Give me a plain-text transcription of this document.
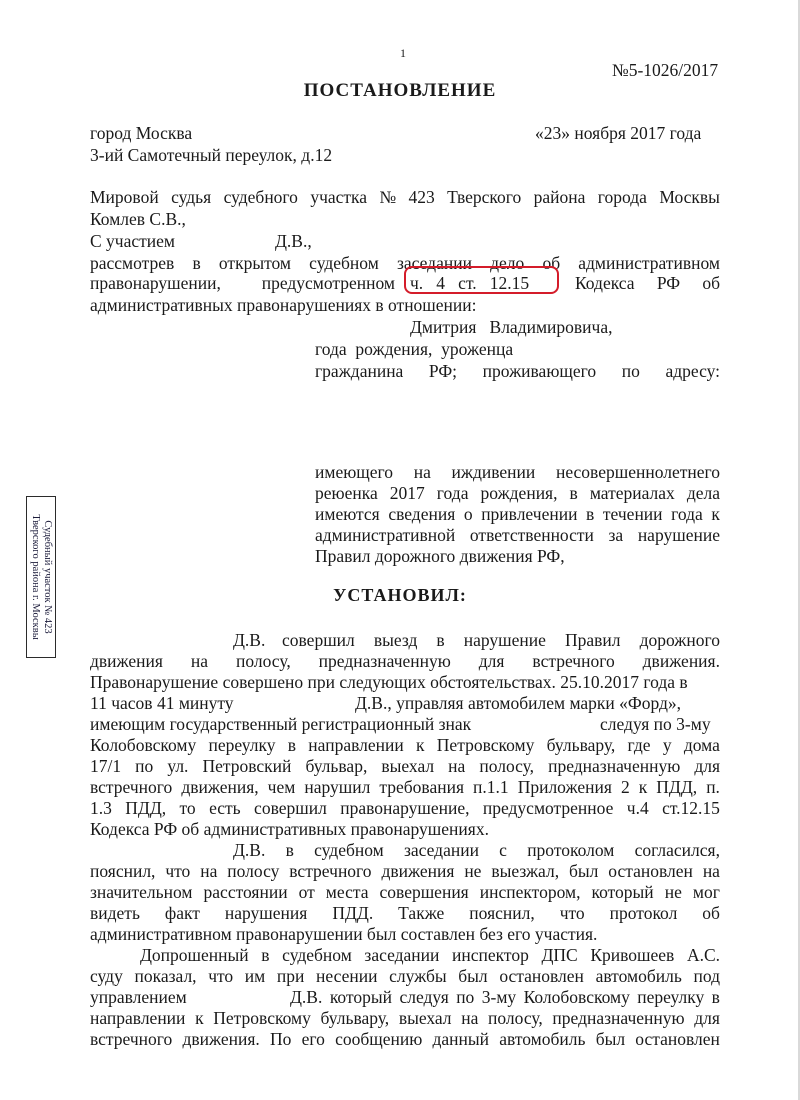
1
№5-1026/2017
ПОСТАНОВЛЕНИЕ
город Москва	«23» ноября 2017 года
3-ий Самотечный переулок, д.12
Мировой судья судебного участка № 423 Тверского района города Москвы
Комлев С.В.,
С участием	Д.В.,
рассмотрев в открытом судебном заседании дело об административном
правонарушении, предусмотренном ч.   4   ст.   12.15	Кодекса РФ об
административных правонарушениях в отношении:
Дмитрия   Владимировича,
года  рождения,  уроженца
гражданина РФ; проживающего по адресу:
имеющего на иждивении несовершеннолетнего
реюенка 2017 года рождения, в материалах дела
имеются сведения о привлечении в течении года к
административной ответственности за нарушение
Правил дорожного движения РФ,
УСТАНОВИЛ:
Судебный участок № 423
Тверского района г. Москвы
Д.В. совершил выезд в нарушение Правил дорожного
движения на полосу, предназначенную для встречного движения.
Правонарушение совершено при следующих обстоятельствах. 25.10.2017 года в
11 часов 41 минуту	Д.В., управляя автомобилем марки «Форд»,
имеющим государственный регистрационный знак	следуя по 3-му
Колобовскому переулку в направлении к Петровскому бульвару, где у дома
17/1 по ул. Петровский бульвар, выехал на полосу, предназначенную для
встречного движения, чем нарушил требования п.1.1 Приложения 2 к ПДД, п.
1.3 ПДД, то есть совершил правонарушение, предусмотренное ч.4 ст.12.15
Кодекса РФ об административных правонарушениях.
Д.В. в судебном заседании с протоколом согласился,
пояснил, что на полосу встречного движения не выезжал, был остановлен на
значительном расстоянии от места совершения инспектором, который не мог
видеть факт нарушения ПДД. Также пояснил, что протокол об
административном правонарушении был составлен без его участия.
Допрошенный в судебном заседании инспектор ДПС Кривошеев А.С.
суду показал, что им при несении службы был остановлен автомобиль под
управлением	Д.В. который следуя по 3-му Колобовскому переулку в
направлении к Петровскому бульвару, выехал на полосу, предназначенную для
встречного движения. По его сообщению данный автомобиль был остановлен
